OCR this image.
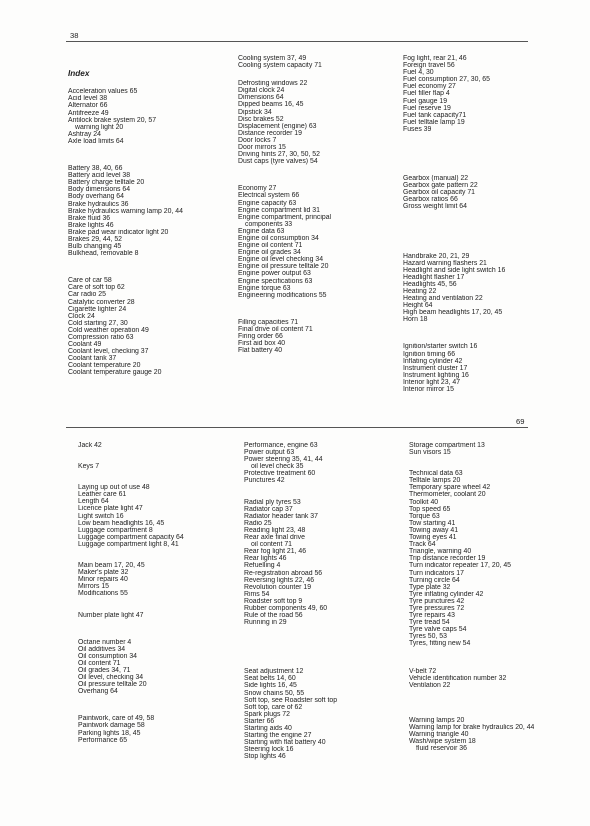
38

Index

Acceleration values 65
Acid level 38
Alternator 66
Antifreeze 49
Antilock brake system 20, 57
warning light 20
Ashtray 24
Axle load limits 64
Battery 38, 40, 66
Battery acid level 38
Battery charge telltale 20
Body dimensions 64
Body overhang 64
Brake hydraulics 36
Brake hydraulics warning lamp 20, 44
Brake fluid 36
Brake lights 46
Brake pad wear indicator light 20
Brakes 29, 44, 52
Bulb changing 45
Bulkhead, removable 8
Care of car 58
Care of soft top 62
Car radio 25
Catalytic converter 28
Cigarette lighter 24
Clock 24
Cold starting 27, 30
Cold weather operation 49
Compression ratio 63
Coolant 49
Coolant level, checking 37
Coolant tank 37
Coolant temperature 20
Coolant temperature gauge 20
Cooling system 37, 49
Cooling system capacity 71
Defrosting windows 22
Digital clock 24
Dimensions 64
Dipped beams 16, 45
Dipstick 34
Disc brakes 52
Displacement (engine) 63
Distance recorder 19
Door locks 7
Door mirrors 15
Driving hints 27, 30, 50, 52
Dust caps (tyre valves) 54
Economy 27
Electrical system 66
Engine capacity 63
Engine compartment lid 31
Engine compartment, principal
components 33
Engine data 63
Engine oil consumption 34
Engine oil content 71
Engine oil grades 34
Engine oil level checking 34
Engine oil pressure telltale 20
Engine power output 63
Engine specifications 63
Engine torque 63
Engineering modifications 55
Filling capacities 71
Final drive oil content 71
Firing order 66
First aid box 40
Flat battery 40
Fog light, rear 21, 46
Foreign travel 56
Fuel 4, 30
Fuel consumption 27, 30, 65
Fuel economy 27
Fuel filler flap 4
Fuel gauge 19
Fuel reserve 19
Fuel tank capacity71
Fuel telltale lamp 19
Fuses 39
Gearbox (manual) 22
Gearbox gate pattern 22
Gearbox oil capacity 71
Gearbox ratios 66
Gross weight limit 64
Handbrake 20, 21, 29
Hazard warning flashers 21
Headlight and side light switch 16
Headlight flasher 17
Headlights 45, 56
Heating 22
Heating and ventilation 22
Height 64
High beam headlights 17, 20, 45
Horn 18
Ignition/starter switch 16
Ignition timing 66
Inflating cylinder 42
Instrument cluster 17
Instrument lighting 16
Interior light 23, 47
Interior mirror 15
69
Jack 42
Keys 7
Laying up out of use 48
Leather care 61
Length 64
Licence plate light 47
Light switch 16
Low beam headlights 16, 45
Luggage compartment 8
Luggage compartment capacity 64
Luggage compartment light 8, 41
Main beam 17, 20, 45
Maker's plate 32
Minor repairs 40
Mirrors 15
Modifications 55
Number plate light 47
Octane number 4
Oil additives 34
Oil consumption 34
Oil content 71
Oil grades 34, 71
Oil level, checking 34
Oil pressure telltale 20
Overhang 64
Paintwork, care of 49, 58
Paintwork damage 58
Parking lights 18, 45
Performance 65
Performance, engine 63
Power output 63
Power steering 35, 41, 44
oil level check 35
Protective treatment 60
Punctures 42
Radial ply tyres 53
Radiator cap 37
Radiator header tank 37
Radio 25
Reading light 23, 48
Rear axle final drive
oil content 71
Rear fog light 21, 46
Rear lights 46
Refuelling 4
Re-registration abroad 56
Reversing lights 22, 46
Revolution counter 19
Rims 54
Roadster soft top 9
Rubber components 49, 60
Rule of the road 56
Running in 29
Seat adjustment 12
Seat belts 14, 60
Side lights 16, 45
Snow chains 50, 55
Soft top, see Roadster soft top
Soft top, care of 62
Spark plugs 72
Starter 66
Starting aids 40
Starting the engine 27
Starting with flat battery 40
Steering lock 16
Stop lights 46
Storage compartment 13
Sun visors 15
Technical data 63
Telltale lamps 20
Temporary spare wheel 42
Thermometer, coolant 20
Toolkit 40
Top speed 65
Torque 63
Tow starting 41
Towing away 41
Towing eyes 41
Track 64
Triangle, warning 40
Trip distance recorder 19
Turn indicator repeater 17, 20, 45
Turn indicators 17
Turning circle 64
Type plate 32
Tyre inflating cylinder 42
Tyre punctures 42
Tyre pressures 72
Tyre repairs 43
Tyre tread 54
Tyre valve caps 54
Tyres 50, 53
Tyres, fitting new 54
V-belt 72
Vehicle identification number 32
Ventilation 22
Warning lamps 20
Warning lamp for brake hydraulics 20, 44
Warning triangle 40
Wash/wipe system 18
fluid reservoir 36
